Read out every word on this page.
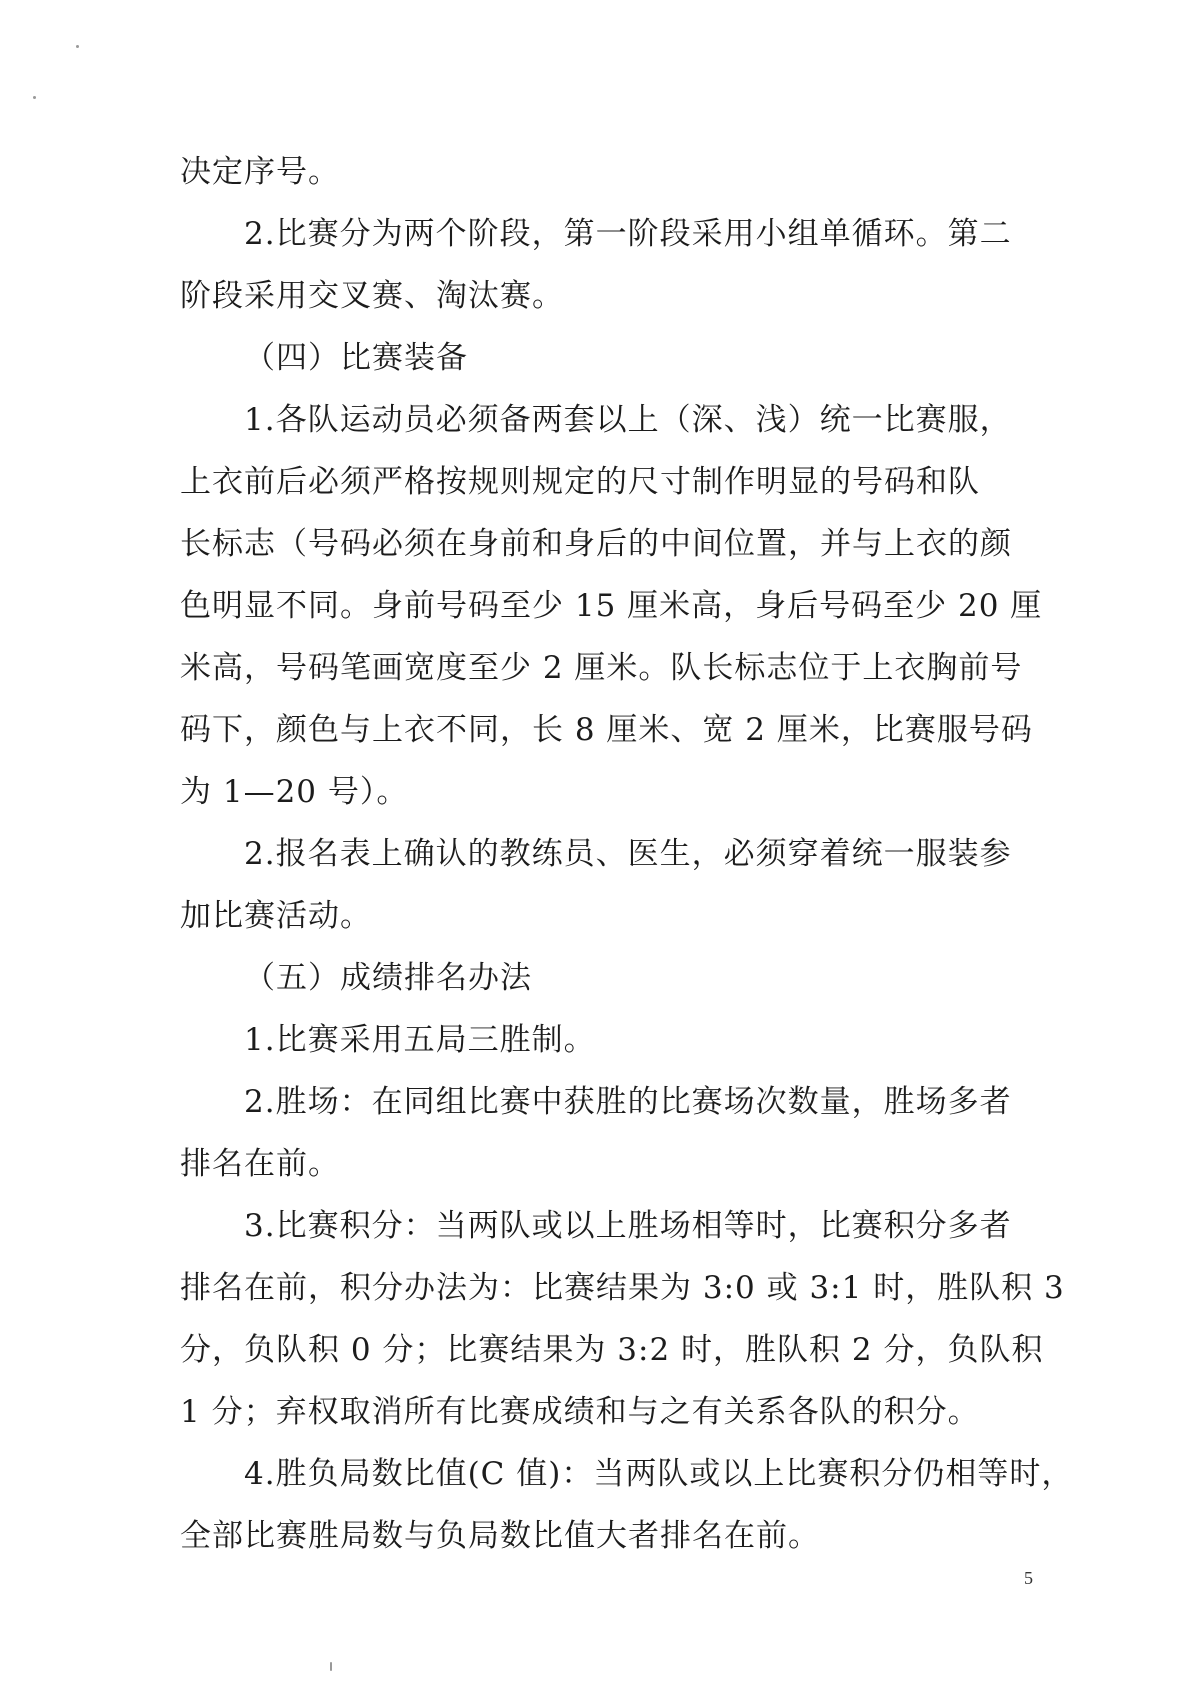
决定序号。
2.比赛分为两个阶段，第一阶段采用小组单循环。第二
阶段采用交叉赛、淘汰赛。
（四）比赛装备
1.各队运动员必须备两套以上（深、浅）统一比赛服，
上衣前后必须严格按规则规定的尺寸制作明显的号码和队
长标志（号码必须在身前和身后的中间位置，并与上衣的颜
色明显不同。身前号码至少 15 厘米高，身后号码至少 20 厘
米高，号码笔画宽度至少 2 厘米。队长标志位于上衣胸前号
码下，颜色与上衣不同，长 8 厘米、宽 2 厘米，比赛服号码
为 1—20 号）。
2.报名表上确认的教练员、医生，必须穿着统一服装参
加比赛活动。
（五）成绩排名办法
1.比赛采用五局三胜制。
2.胜场：在同组比赛中获胜的比赛场次数量，胜场多者
排名在前。
3.比赛积分：当两队或以上胜场相等时，比赛积分多者
排名在前，积分办法为：比赛结果为 3:0 或 3:1 时，胜队积 3
分，负队积 0 分；比赛结果为 3:2 时，胜队积 2 分，负队积
1 分；弃权取消所有比赛成绩和与之有关系各队的积分。
4.胜负局数比值(C 值)：当两队或以上比赛积分仍相等时，
全部比赛胜局数与负局数比值大者排名在前。
5
